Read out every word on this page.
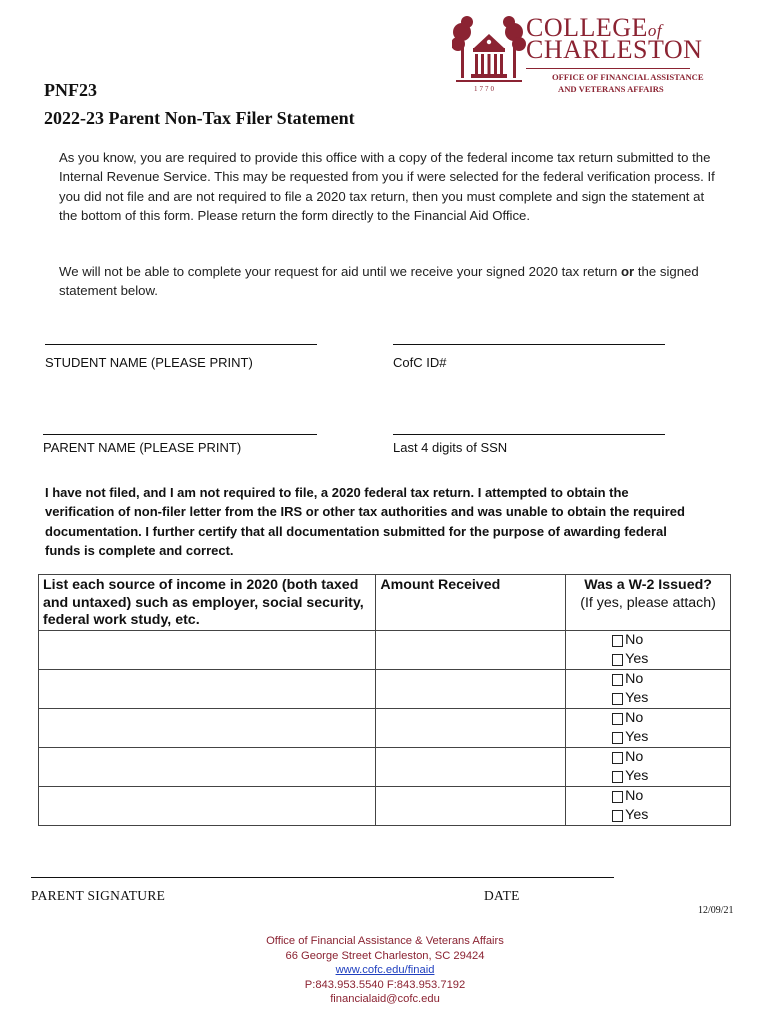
COLLEGEof
CHARLESTON
OFFICE OF FINANCIAL ASSISTANCE
AND VETERANS AFFAIRS
1770
PNF23
2022-23 Parent Non-Tax Filer Statement

As you know, you are required to provide this office with a copy of the federal income tax return submitted to the Internal Revenue Service. This may be requested from you if were selected for the federal verification process. If you did not file and are not required to file a 2020 tax return, then you must complete and sign the statement at the bottom of this form. Please return the form directly to the Financial Aid Office.

We will not be able to complete your request for aid until we receive your signed 2020 tax return or the signed statement below.

STUDENT NAME (PLEASE PRINT)	CofC ID#
PARENT NAME (PLEASE PRINT)	Last 4 digits of SSN

I have not filed, and I am not required to file, a 2020 federal tax return. I attempted to obtain the verification of non-filer letter from the IRS or other tax authorities and was unable to obtain the required documentation. I further certify that all documentation submitted for the purpose of awarding federal funds is complete and correct.

List each source of income in 2020 (both taxed and untaxed) such as employer, social security, federal work study, etc.	Amount Received	Was a W-2 Issued?
(If yes, please attach)

		No
Yes

		No
Yes

		No
Yes

		No
Yes

		No
Yes
PARENT SIGNATURE	DATE
12/09/21
Office of Financial Assistance & Veterans Affairs
66 George Street Charleston, SC 29424
www.cofc.edu/finaid
P:843.953.5540 F:843.953.7192
financialaid@cofc.edu
